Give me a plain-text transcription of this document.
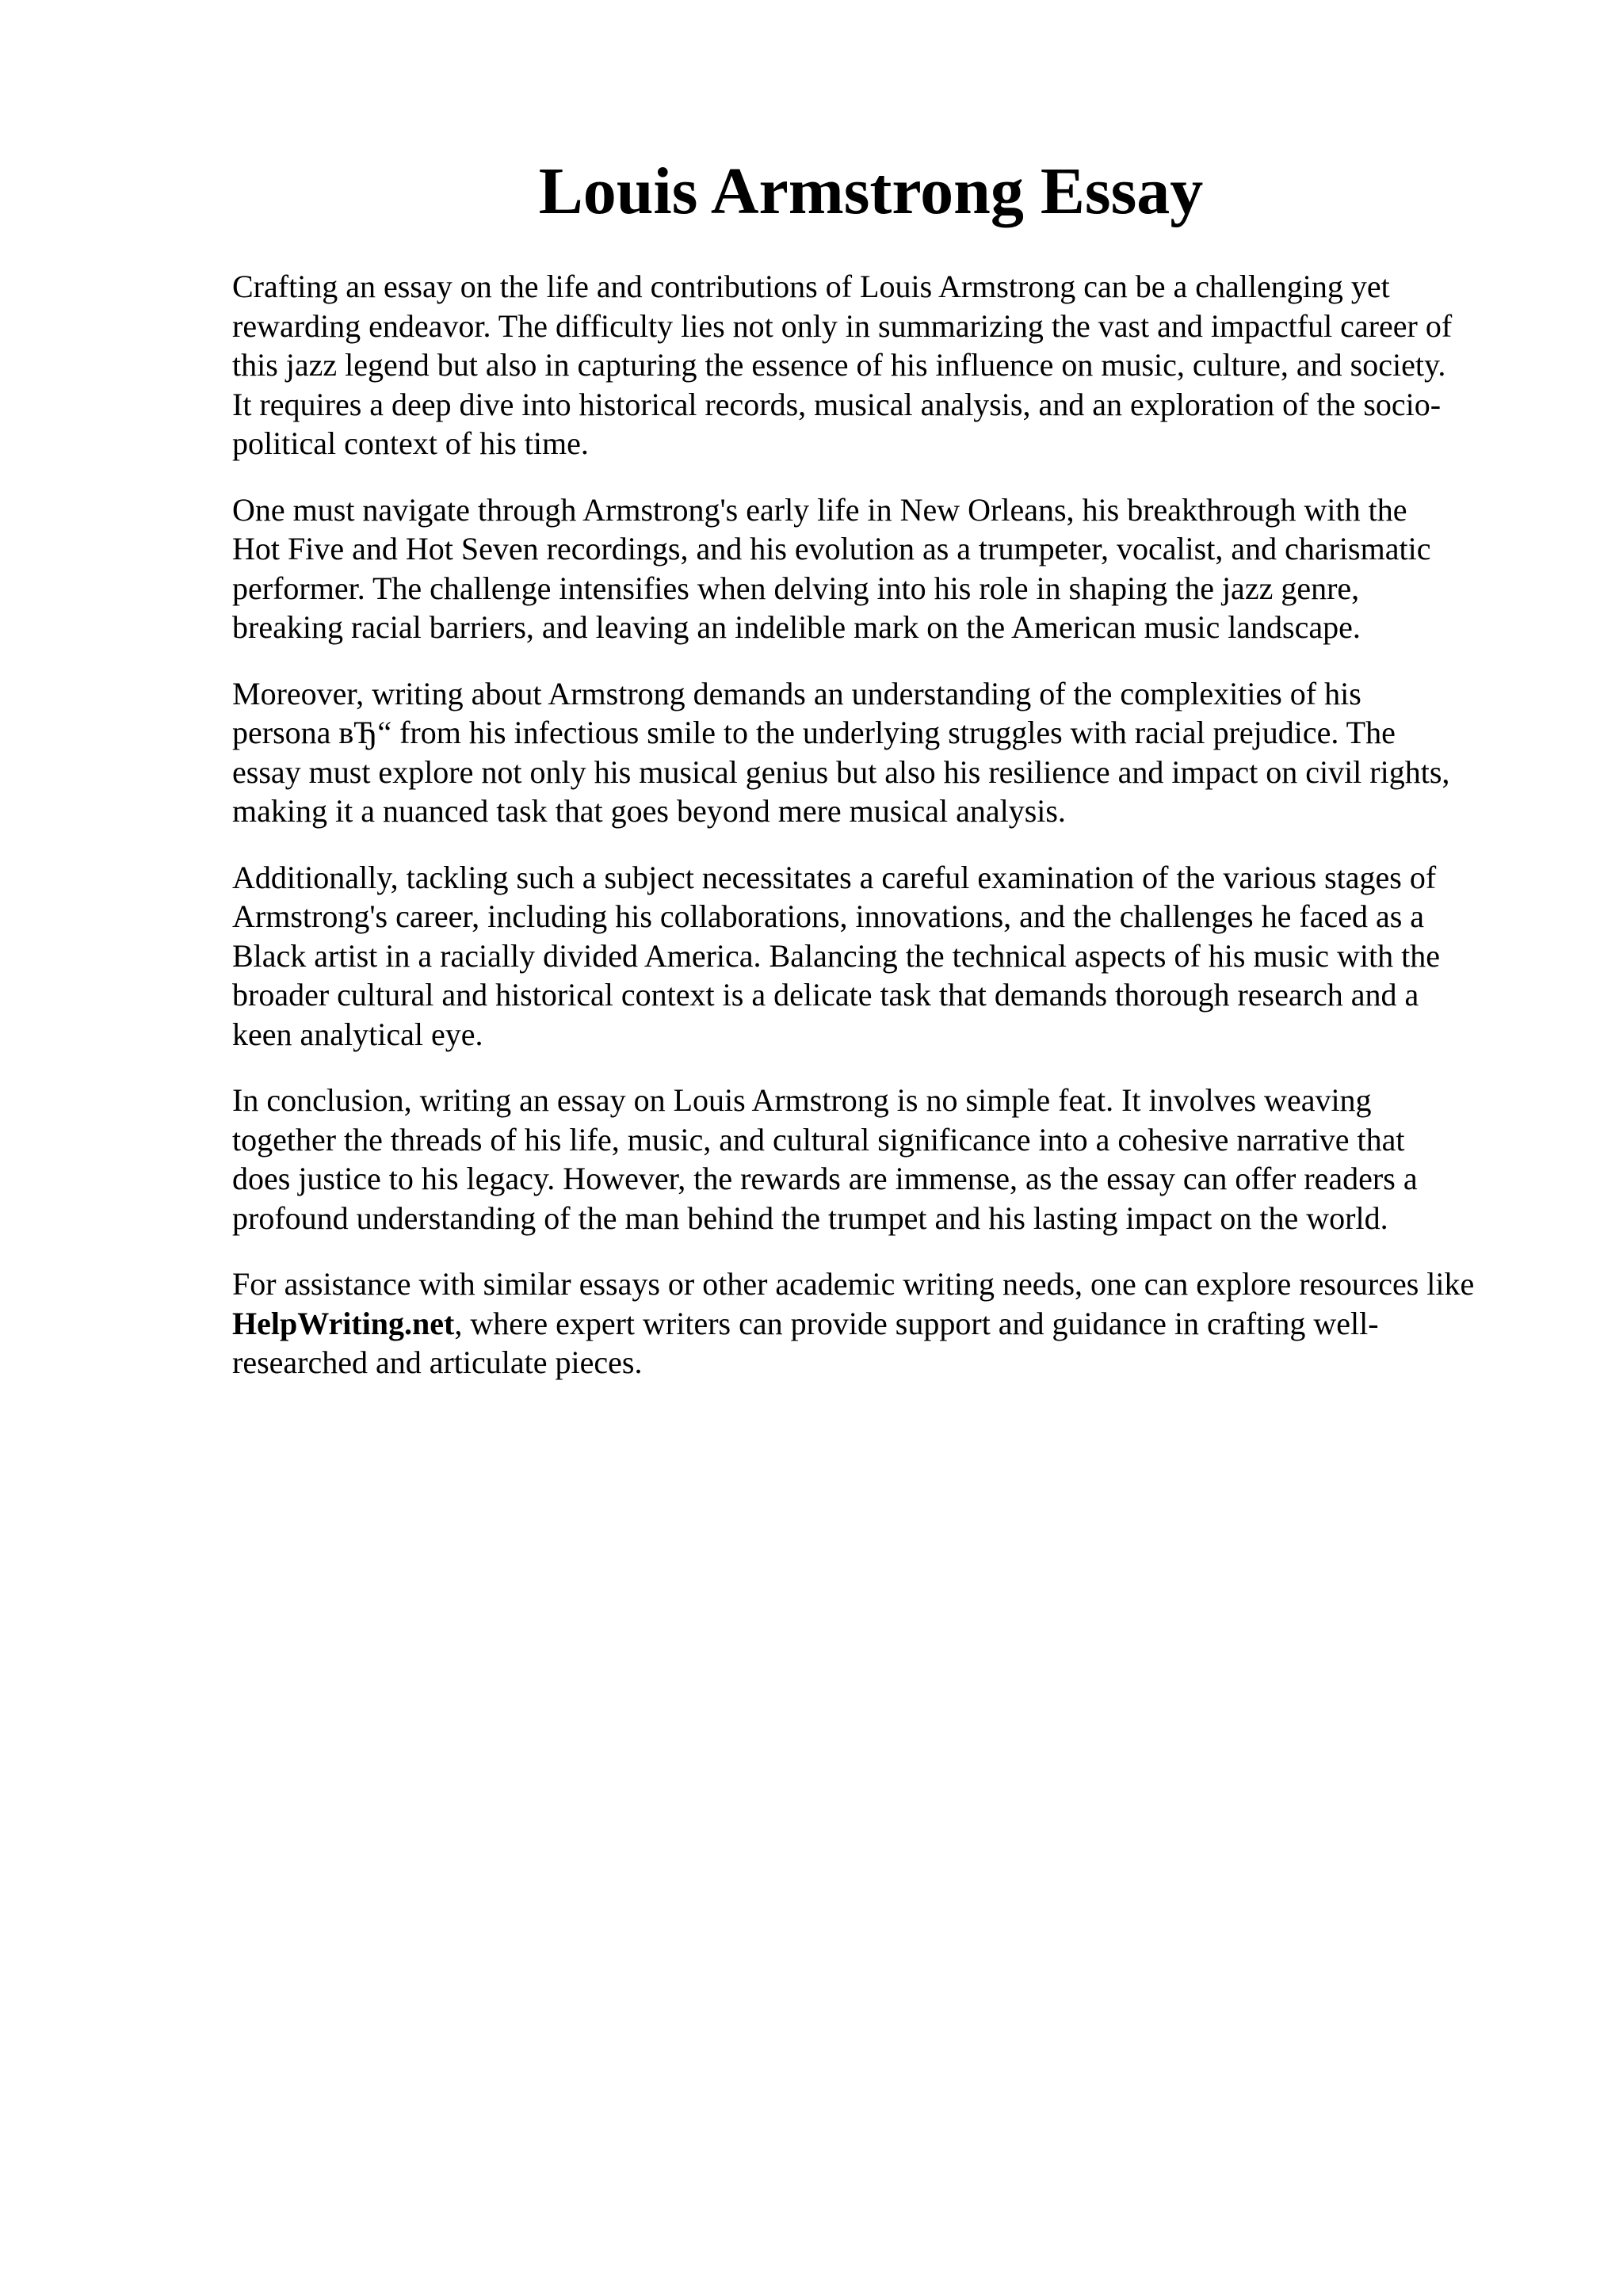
Louis Armstrong Essay

Crafting an essay on the life and contributions of Louis Armstrong can be a challenging yet
rewarding endeavor. The difficulty lies not only in summarizing the vast and impactful career of
this jazz legend but also in capturing the essence of his influence on music, culture, and society.
It requires a deep dive into historical records, musical analysis, and an exploration of the socio-
political context of his time.

One must navigate through Armstrong's early life in New Orleans, his breakthrough with the
Hot Five and Hot Seven recordings, and his evolution as a trumpeter, vocalist, and charismatic
performer. The challenge intensifies when delving into his role in shaping the jazz genre,
breaking racial barriers, and leaving an indelible mark on the American music landscape.

Moreover, writing about Armstrong demands an understanding of the complexities of his
persona вЂ“ from his infectious smile to the underlying struggles with racial prejudice. The
essay must explore not only his musical genius but also his resilience and impact on civil rights,
making it a nuanced task that goes beyond mere musical analysis.

Additionally, tackling such a subject necessitates a careful examination of the various stages of
Armstrong's career, including his collaborations, innovations, and the challenges he faced as a
Black artist in a racially divided America. Balancing the technical aspects of his music with the
broader cultural and historical context is a delicate task that demands thorough research and a
keen analytical eye.

In conclusion, writing an essay on Louis Armstrong is no simple feat. It involves weaving
together the threads of his life, music, and cultural significance into a cohesive narrative that
does justice to his legacy. However, the rewards are immense, as the essay can offer readers a
profound understanding of the man behind the trumpet and his lasting impact on the world.

For assistance with similar essays or other academic writing needs, one can explore resources like
HelpWriting.net, where expert writers can provide support and guidance in crafting well-
researched and articulate pieces.
